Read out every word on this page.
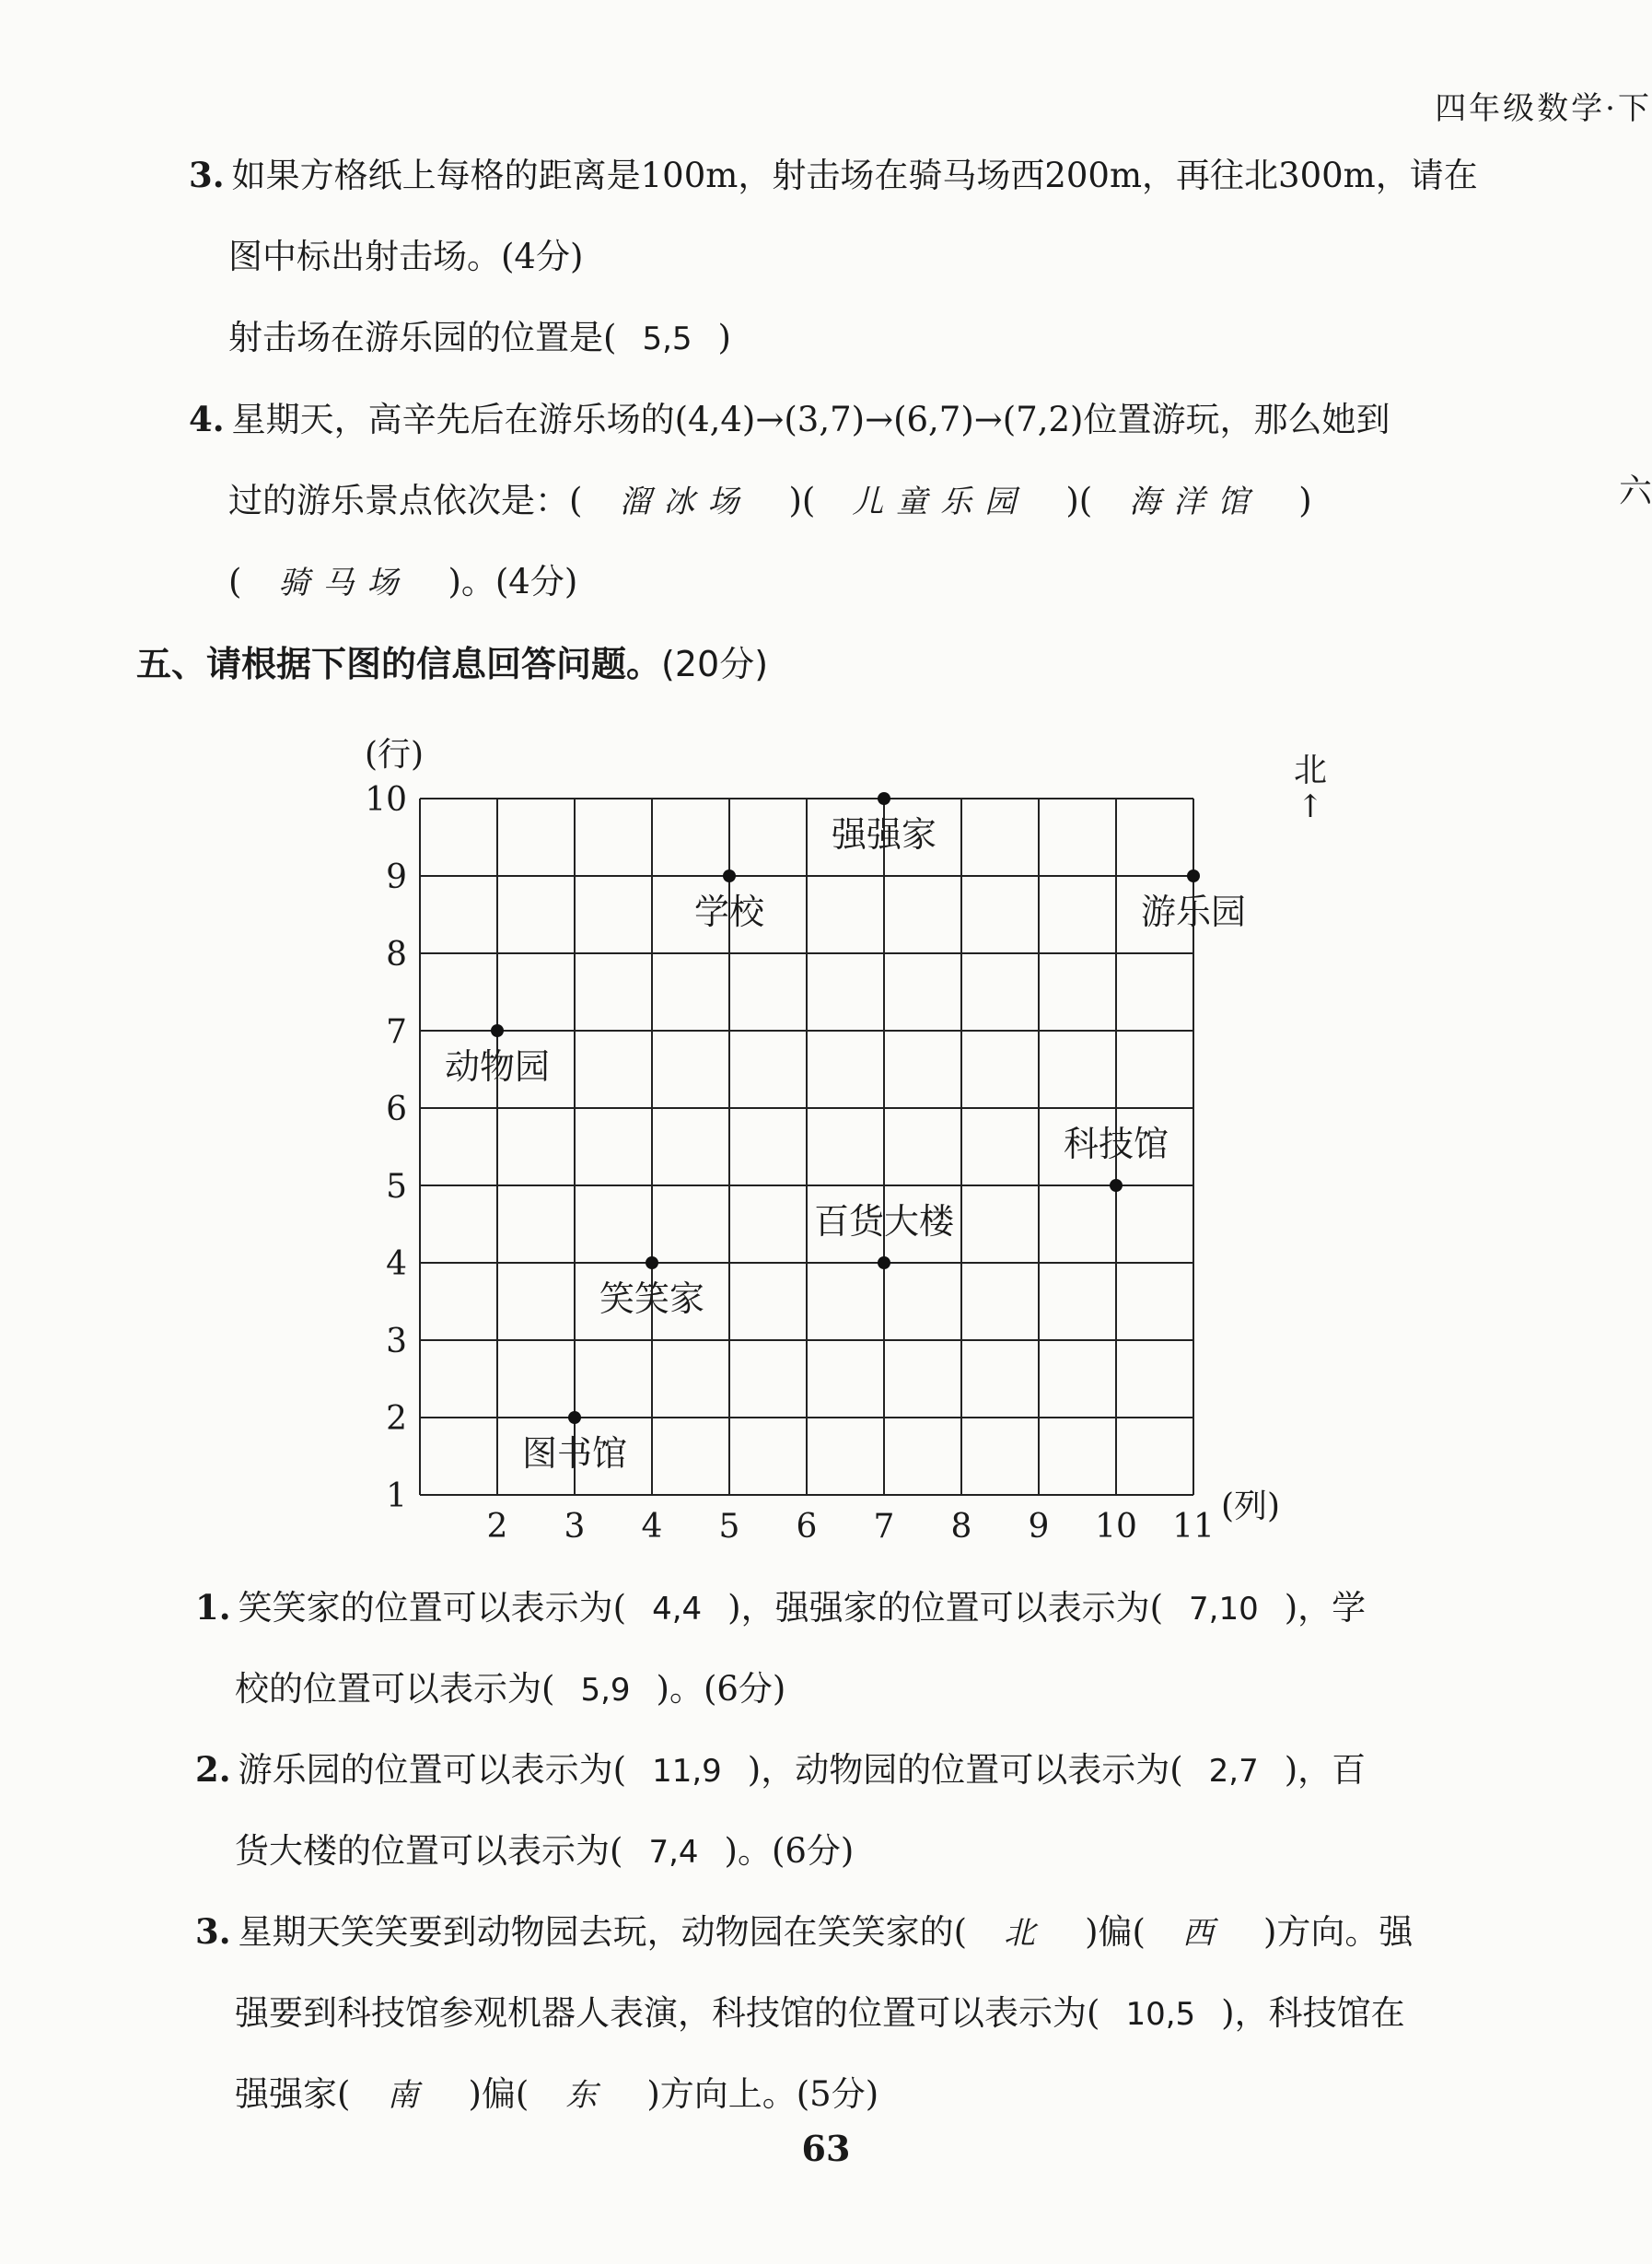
四年级数学·下
六
3. 如果方格纸上每格的距离是100m，射击场在骑马场西200m，再往北300m，请在
图中标出射击场。(4分)
射击场在游乐园的位置是( 5,5 )
4. 星期天，高辛先后在游乐场的(4,4)→(3,7)→(6,7)→(7,2)位置游玩，那么她到
过的游乐景点依次是：( 溜冰场 )( 儿童乐园 )( 海洋馆 )
( 骑马场 )。(4分)
五、请根据下图的信息回答问题。(20分)
北
↑
1
2
3
4
5
6
7
8
9
10
2 3 4 5 6 7 8 9 10 11
(行)
(列)
强强家
学校	游乐园
动物园
科技馆
百货大楼
笑笑家
图书馆
1. 笑笑家的位置可以表示为( 4,4 )，强强家的位置可以表示为( 7,10 )，学
校的位置可以表示为( 5,9 )。(6分)
2. 游乐园的位置可以表示为( 11,9 )，动物园的位置可以表示为( 2,7 )，百
货大楼的位置可以表示为( 7,4 )。(6分)
3. 星期天笑笑要到动物园去玩，动物园在笑笑家的( 北 )偏( 西 )方向。强
强要到科技馆参观机器人表演，科技馆的位置可以表示为( 10,5 )，科技馆在
强强家( 南 )偏( 东 )方向上。(5分)
63
